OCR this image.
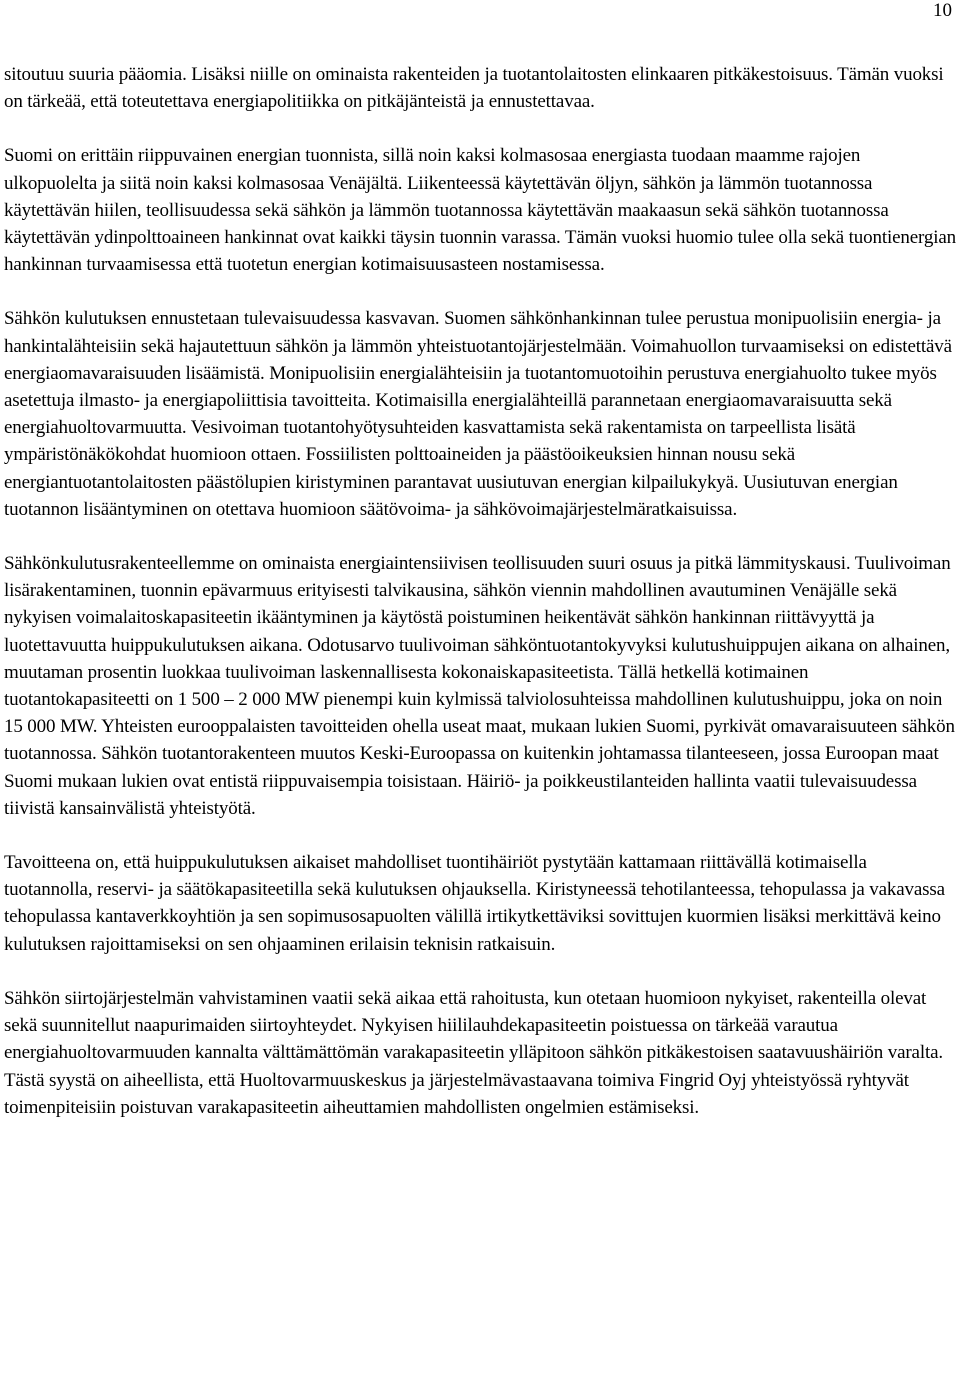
10

sitoutuu suuria pääomia. Lisäksi niille on ominaista rakenteiden ja tuotantolaitosten elinkaaren pitkäkestoisuus. Tämän vuoksi on tärkeää, että toteutettava energiapolitiikka on pitkäjänteistä ja ennustettavaa.

Suomi on erittäin riippuvainen energian tuonnista, sillä noin kaksi kolmasosaa energiasta tuodaan maamme rajojen ulkopuolelta ja siitä noin kaksi kolmasosaa Venäjältä. Liikenteessä käytettävän öljyn, sähkön ja lämmön tuotannossa käytettävän hiilen, teollisuudessa sekä sähkön ja lämmön tuotannossa käytettävän maakaasun sekä sähkön tuotannossa käytettävän ydinpolttoaineen hankinnat ovat kaikki täysin tuonnin varassa. Tämän vuoksi huomio tulee olla sekä tuontienergian hankinnan turvaamisessa että tuotetun energian kotimaisuusasteen nostamisessa.

Sähkön kulutuksen ennustetaan tulevaisuudessa kasvavan. Suomen sähkönhankinnan tulee perustua monipuolisiin energia- ja hankintalähteisiin sekä hajautettuun sähkön ja lämmön yhteistuotantojärjestelmään. Voimahuollon turvaamiseksi on edistettävä energiaomavaraisuuden lisäämistä. Monipuolisiin energialähteisiin ja tuotantomuotoihin perustuva energiahuolto tukee myös asetettuja ilmasto- ja energiapoliittisia tavoitteita. Kotimaisilla energialähteillä parannetaan energiaomavaraisuutta sekä energiahuoltovarmuutta. Vesivoiman tuotantohyötysuhteiden kasvattamista sekä rakentamista on tarpeellista lisätä ympäristönäkökohdat huomioon ottaen. Fossiilisten polttoaineiden ja päästöoikeuksien hinnan nousu sekä energiantuotantolaitosten päästölupien kiristyminen parantavat uusiutuvan energian kilpailukykyä. Uusiutuvan energian tuotannon lisääntyminen on otettava huomioon säätövoima- ja sähkövoimajärjestelmäratkaisuissa.

Sähkönkulutusrakenteellemme on ominaista energiaintensiivisen teollisuuden suuri osuus ja pitkä lämmityskausi. Tuulivoiman lisärakentaminen, tuonnin epävarmuus erityisesti talvikausina, sähkön viennin mahdollinen avautuminen Venäjälle sekä nykyisen voimalaitoskapasiteetin ikääntyminen ja käytöstä poistuminen heikentävät sähkön hankinnan riittävyyttä ja luotettavuutta huippukulutuksen aikana. Odotusarvo tuulivoiman sähköntuotantokyvyksi kulutushuippujen aikana on alhainen, muutaman prosentin luokkaa tuulivoiman laskennallisesta kokonaiskapasiteetista. Tällä hetkellä kotimainen tuotantokapasiteetti on 1 500 – 2 000 MW pienempi kuin kylmissä talviolosuhteissa mahdollinen kulutushuippu, joka on noin 15 000 MW. Yhteisten eurooppalaisten tavoitteiden ohella useat maat, mukaan lukien Suomi, pyrkivät omavaraisuuteen sähkön tuotannossa. Sähkön tuotantorakenteen muutos Keski-Euroopassa on kuitenkin johtamassa tilanteeseen, jossa Euroopan maat Suomi mukaan lukien ovat entistä riippuvaisempia toisistaan. Häiriö- ja poikkeustilanteiden hallinta vaatii tulevaisuudessa tiivistä kansainvälistä yhteistyötä.

Tavoitteena on, että huippukulutuksen aikaiset mahdolliset tuontihäiriöt pystytään kattamaan riittävällä kotimaisella tuotannolla, reservi- ja säätökapasiteetilla sekä kulutuksen ohjauksella. Kiristyneessä tehotilanteessa, tehopulassa ja vakavassa tehopulassa kantaverkkoyhtiön ja sen sopimusosapuolten välillä irtikytkettäviksi sovittujen kuormien lisäksi merkittävä keino kulutuksen rajoittamiseksi on sen ohjaaminen erilaisin teknisin ratkaisuin.

Sähkön siirtojärjestelmän vahvistaminen vaatii sekä aikaa että rahoitusta, kun otetaan huomioon nykyiset, rakenteilla olevat sekä suunnitellut naapurimaiden siirtoyhteydet. Nykyisen hiililauhdekapasiteetin poistuessa on tärkeää varautua energiahuoltovarmuuden kannalta välttämättömän varakapasiteetin ylläpitoon sähkön pitkäkestoisen saatavuushäiriön varalta. Tästä syystä on aiheellista, että Huoltovarmuuskeskus ja järjestelmävastaavana toimiva Fingrid Oyj yhteistyössä ryhtyvät toimenpiteisiin poistuvan varakapasiteetin aiheuttamien mahdollisten ongelmien estämiseksi.
